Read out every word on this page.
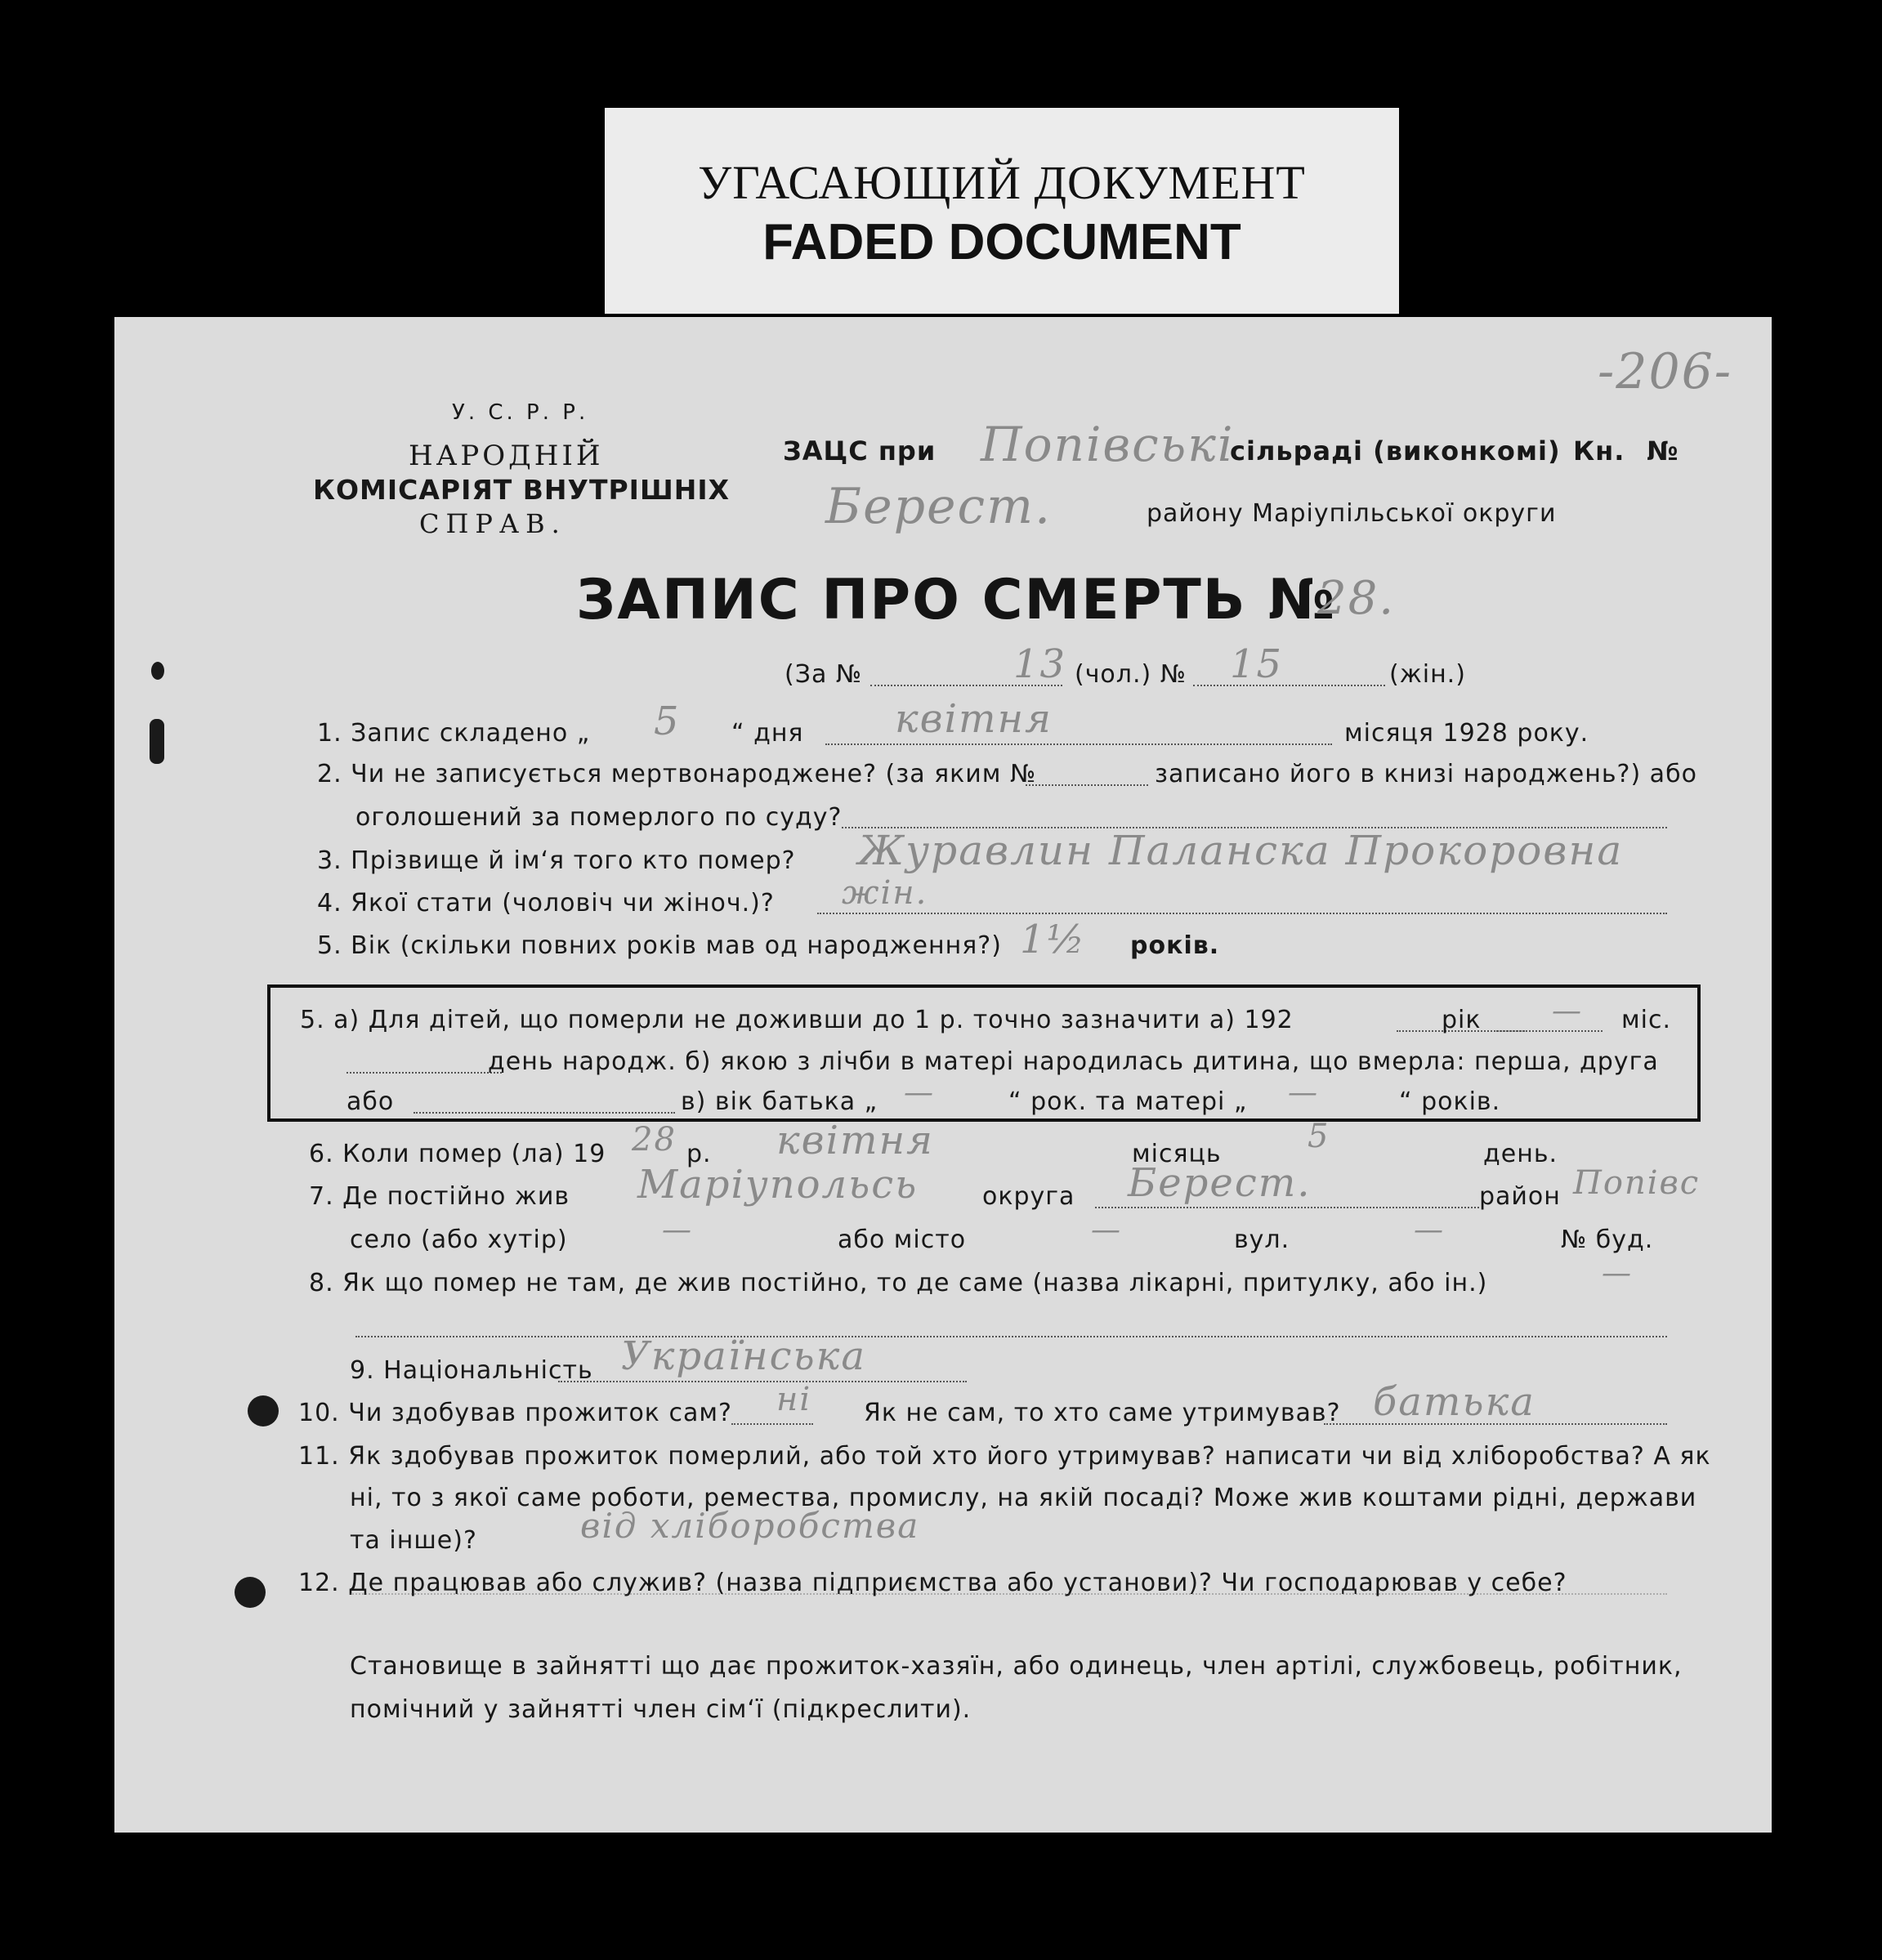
УГАСАЮЩИЙ ДОКУМЕНТ
FADED DOCUMENT
-206-
У. С. Р. Р.
НАРОДНІЙ
КОМІСАРІЯТ ВНУТРІШНІХ
СПРАВ.
ЗАЦС при Попівські
сільраді (виконкомі) Кн. №
Берест.	району Маріупільської округи
ЗАПИС ПРО СМЕРТЬ №
28.
(За №	13 (чол.) № 15	(жін.)
1. Запис складено „ 5 “ дня квітня	місяця 1928 року.
2. Чи не записується мертвонароджене? (за яким №	записано його в книзі народжень?) або
оголошений за померлого по суду?
3. Прізвище й ім‘я того кто помер? Журавлин Паланска Прокоровна
4. Якої стати (чоловіч чи жіноч.)? жін.
5. Вік (скільки повних років мав од народження?) 1½ років.
5. а) Для дітей, що померли не доживши до 1 р. точно зазначити а) 192	рік — міс.
день народж. б) якою з лічби в матері народилась дитина, що вмерла: перша, друга
або	в) вік батька „ —	“ рок. та матері „ —	“ років.
6. Коли помер (ла) 19 28 р. квітня	місяць	5	день.
7. Де постійно жив Маріупольсь	округа Берест.	район Попівс
село (або хутір)	—	або місто	—	вул.	—	№ буд.
8. Як що помер не там, де жив постійно, то де саме (назва лікарні, притулку, або ін.)	—
9. Національність Українська
10. Чи здобував прожиток сам? ні Як не сам, то хто саме утримував? батька
11. Як здобував прожиток померлий, або той хто його утримував? написати чи від хліборобства? А як
ні, то з якої саме роботи, ремества, промислу, на якій посаді? Може жив коштами рідні, держави
та інше)?	від хліборобства
12. Де працював або служив? (назва підприємства або установи)? Чи господарював у себе?
Становище в зайнятті що дає прожиток-хазяїн, або одинець, член артілі, службовець, робітник,
помічний у зайнятті член сім‘ї (підкреслити).
